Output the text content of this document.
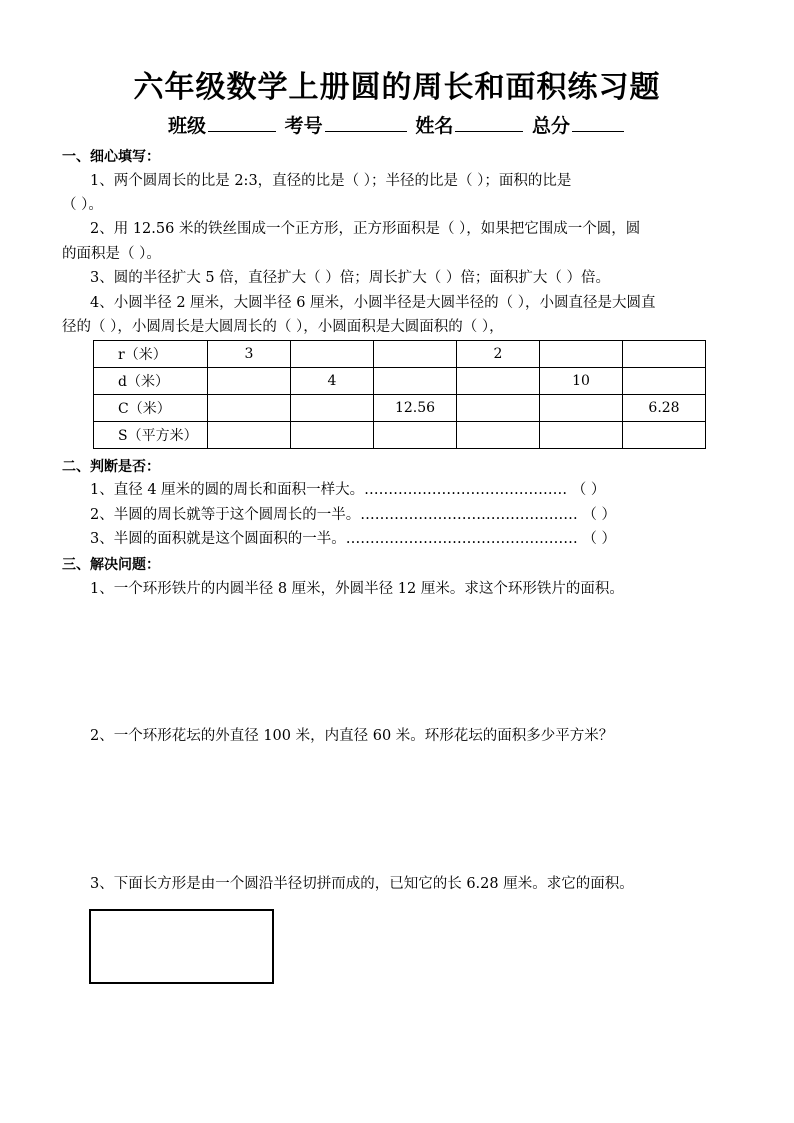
六年级数学上册圆的周长和面积练习题
班级	考号	姓名	总分
一、细心填写：
1、两个圆周长的比是 2:3，直径的比是（ ）；半径的比是（ ）；面积的比是
（ ）。
2、用 12.56 米的铁丝围成一个正方形，正方形面积是（ ），如果把它围成一个圆，圆
的面积是（ ）。
3、圆的半径扩大 5 倍，直径扩大（ ）倍；周长扩大（ ）倍；面积扩大（ ）倍。
4、小圆半径 2 厘米，大圆半径 6 厘米，小圆半径是大圆半径的（ ），小圆直径是大圆直
径的（ ），小圆周长是大圆周长的（ ），小圆面积是大圆面积的（ ），
r（米）	3			2		
d（米）		4			10	
C（米）			12.56			6.28
S（平方米）						
二、判断是否：
1、直径 4 厘米的圆的周长和面积一样大。…………………………………… （ ）
2、半圆的周长就等于这个圆周长的一半。……………………………………… （ ）
3、半圆的面积就是这个圆面积的一半。………………………………………… （ ）
三、解决问题：
1、一个环形铁片的内圆半径 8 厘米，外圆半径 12 厘米。求这个环形铁片的面积。
2、一个环形花坛的外直径 100 米，内直径 60 米。环形花坛的面积多少平方米？
3、下面长方形是由一个圆沿半径切拼而成的，已知它的长 6.28 厘米。求它的面积。
